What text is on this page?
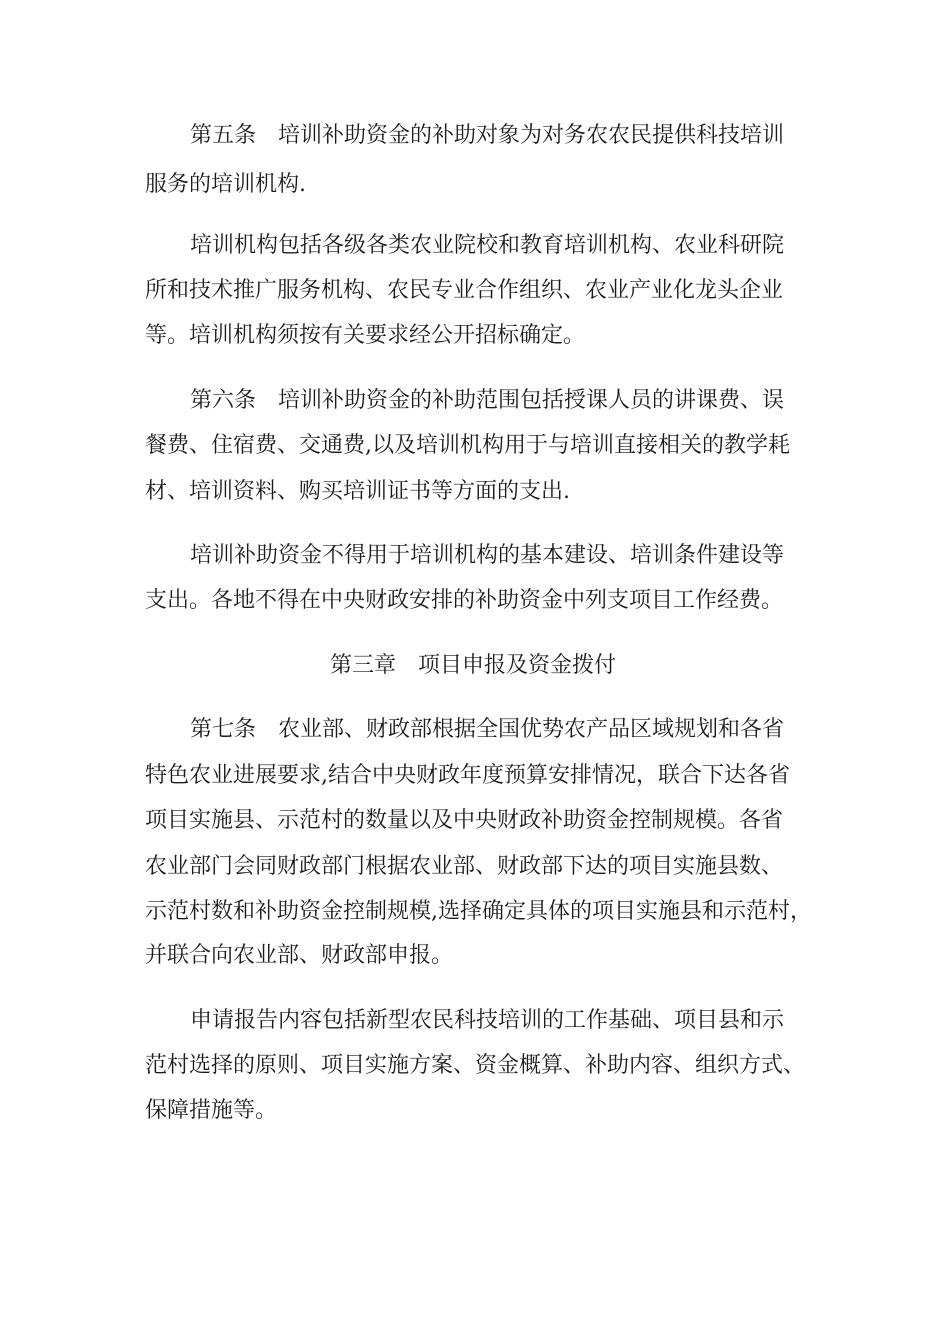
第五条　培训补助资金的补助对象为对务农农民提供科技培训
服务的培训机构.
培训机构包括各级各类农业院校和教育培训机构、农业科研院
所和技术推广服务机构、农民专业合作组织、农业产业化龙头企业
等。培训机构须按有关要求经公开招标确定。
第六条　培训补助资金的补助范围包括授课人员的讲课费、误
餐费、住宿费、交通费,以及培训机构用于与培训直接相关的教学耗
材、培训资料、购买培训证书等方面的支出.
培训补助资金不得用于培训机构的基本建设、培训条件建设等
支出。各地不得在中央财政安排的补助资金中列支项目工作经费。
第三章　项目申报及资金拨付
第七条　农业部、财政部根据全国优势农产品区域规划和各省
特色农业进展要求,结合中央财政年度预算安排情况，联合下达各省
项目实施县、示范村的数量以及中央财政补助资金控制规模。各省
农业部门会同财政部门根据农业部、财政部下达的项目实施县数、
示范村数和补助资金控制规模,选择确定具体的项目实施县和示范村，
并联合向农业部、财政部申报。
申请报告内容包括新型农民科技培训的工作基础、项目县和示
范村选择的原则、项目实施方案、资金概算、补助内容、组织方式、
保障措施等。
